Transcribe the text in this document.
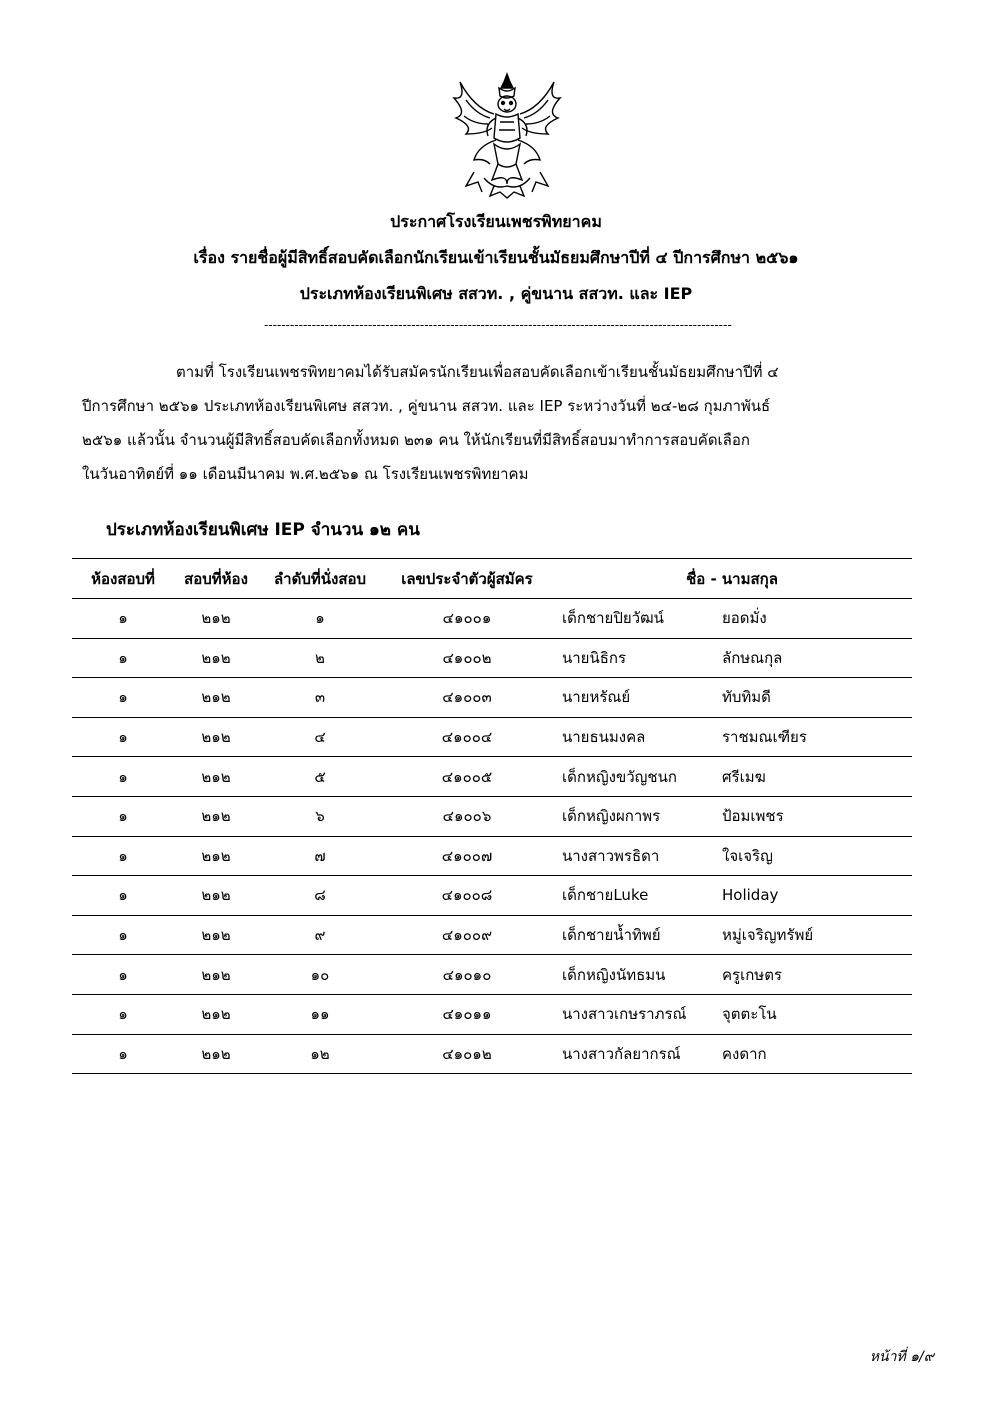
ประกาศโรงเรียนเพชรพิทยาคม
เรื่อง รายชื่อผู้มีสิทธิ์สอบคัดเลือกนักเรียนเข้าเรียนชั้นมัธยมศึกษาปีที่ ๔ ปีการศึกษา ๒๕๖๑
ประเภทห้องเรียนพิเศษ สสวท. , คู่ขนาน สสวท. และ IEP
------------------------------------------------------------------------------------------------------------
ตามที่ โรงเรียนเพชรพิทยาคมได้รับสมัครนักเรียนเพื่อสอบคัดเลือกเข้าเรียนชั้นมัธยมศึกษาปีที่ ๔
ปีการศึกษา ๒๕๖๑ ประเภทห้องเรียนพิเศษ สสวท. , คู่ขนาน สสวท. และ IEP ระหว่างวันที่ ๒๔-๒๘ กุมภาพันธ์
๒๕๖๑ แล้วนั้น จำนวนผู้มีสิทธิ์สอบคัดเลือกทั้งหมด ๒๓๑ คน ให้นักเรียนที่มีสิทธิ์สอบมาทำการสอบคัดเลือก
ในวันอาทิตย์ที่ ๑๑ เดือนมีนาคม พ.ศ.๒๕๖๑ ณ โรงเรียนเพชรพิทยาคม
ประเภทห้องเรียนพิเศษ IEP จำนวน ๑๒ คน
ห้องสอบที่	สอบที่ห้อง	ลำดับที่นั่งสอบ	เลขประจำตัวผู้สมัคร	ชื่อ - นามสกุล	
๑	๒๑๒	๑	๔๑๐๐๑	เด็กชายปิยวัฒน์	ยอดมั่ง
๑	๒๑๒	๒	๔๑๐๐๒	นายนิธิกร	ลักษณกุล
๑	๒๑๒	๓	๔๑๐๐๓	นายหรัณย์	ทับทิมดี
๑	๒๑๒	๔	๔๑๐๐๔	นายธนมงคล	ราชมณเฑียร
๑	๒๑๒	๕	๔๑๐๐๕	เด็กหญิงขวัญชนก	ศรีเมฆ
๑	๒๑๒	๖	๔๑๐๐๖	เด็กหญิงผกาพร	ป้อมเพชร
๑	๒๑๒	๗	๔๑๐๐๗	นางสาวพรธิดา	ใจเจริญ
๑	๒๑๒	๘	๔๑๐๐๘	เด็กชายLuke	Holiday
๑	๒๑๒	๙	๔๑๐๐๙	เด็กชายน้ำทิพย์	หมู่เจริญทรัพย์
๑	๒๑๒	๑๐	๔๑๐๑๐	เด็กหญิงนัทธมน	ครูเกษตร
๑	๒๑๒	๑๑	๔๑๐๑๑	นางสาวเกษราภรณ์	จุตตะโน
๑	๒๑๒	๑๒	๔๑๐๑๒	นางสาวกัลยากรณ์	คงดาก
หน้าที่ ๑/๙
